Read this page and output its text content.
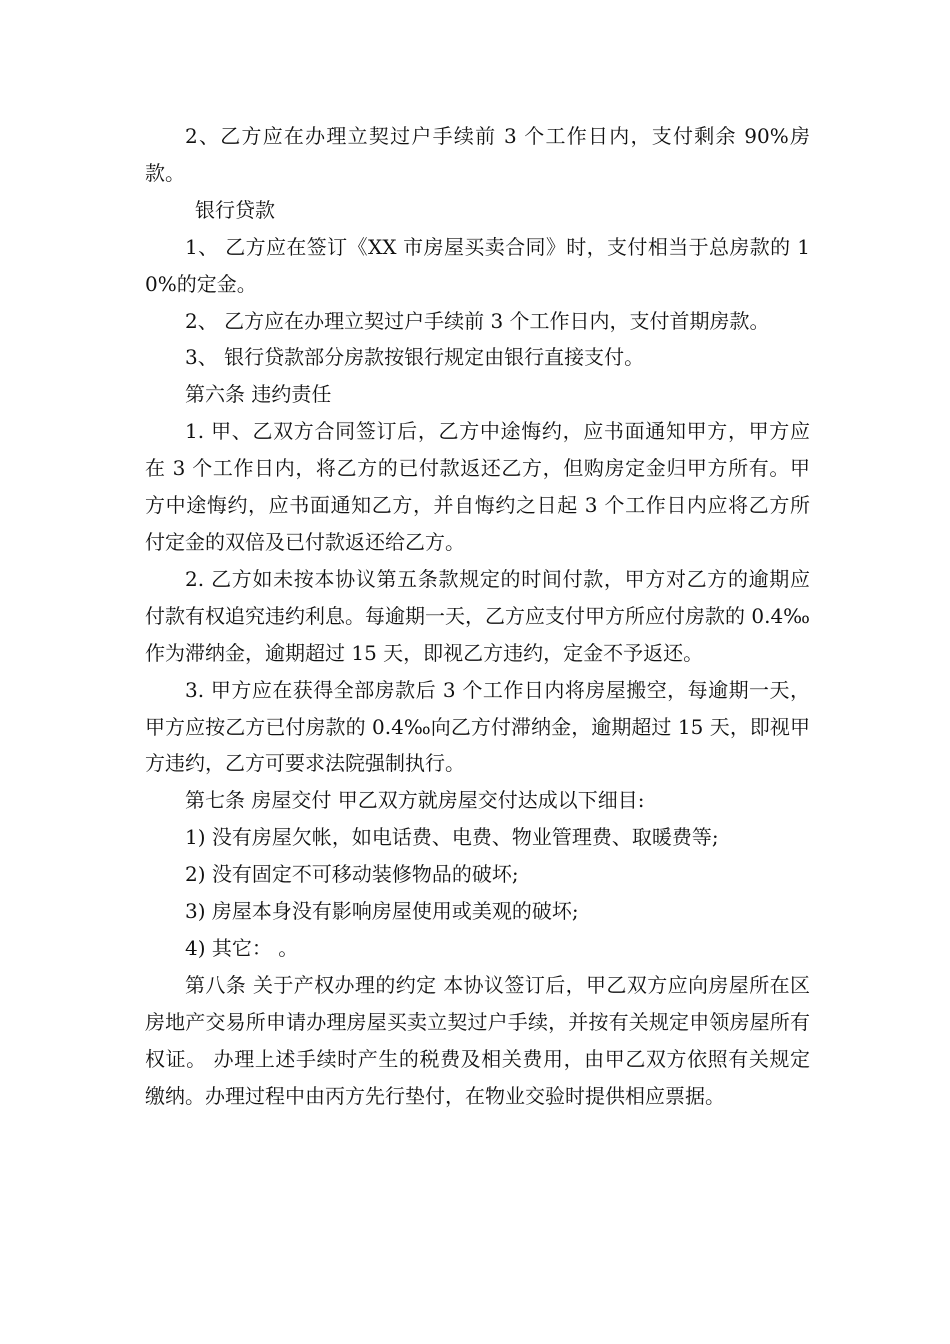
2、乙方应在办理立契过户手续前 3 个工作日内，支付剩余 90%房款。

银行贷款

1、 乙方应在签订《XX 市房屋买卖合同》时，支付相当于总房款的 10%的定金。

2、 乙方应在办理立契过户手续前 3 个工作日内，支付首期房款。

3、 银行贷款部分房款按银行规定由银行直接支付。

第六条 违约责任

1. 甲、乙双方合同签订后，乙方中途悔约，应书面通知甲方，甲方应在 3 个工作日内，将乙方的已付款返还乙方，但购房定金归甲方所有。甲方中途悔约，应书面通知乙方，并自悔约之日起 3 个工作日内应将乙方所付定金的双倍及已付款返还给乙方。

2. 乙方如未按本协议第五条款规定的时间付款，甲方对乙方的逾期应付款有权追究违约利息。每逾期一天，乙方应支付甲方所应付房款的 0.4‰作为滞纳金，逾期超过 15 天，即视乙方违约，定金不予返还。

3. 甲方应在获得全部房款后 3 个工作日内将房屋搬空，每逾期一天，甲方应按乙方已付房款的 0.4‰向乙方付滞纳金，逾期超过 15 天，即视甲方违约，乙方可要求法院强制执行。

第七条 房屋交付 甲乙双方就房屋交付达成以下细目:

1) 没有房屋欠帐，如电话费、电费、物业管理费、取暖费等;

2) 没有固定不可移动装修物品的破坏;

3) 房屋本身没有影响房屋使用或美观的破坏;

4) 其它： 。

第八条 关于产权办理的约定 本协议签订后，甲乙双方应向房屋所在区房地产交易所申请办理房屋买卖立契过户手续，并按有关规定申领房屋所有权证。 办理上述手续时产生的税费及相关费用，由甲乙双方依照有关规定缴纳。办理过程中由丙方先行垫付，在物业交验时提供相应票据。
